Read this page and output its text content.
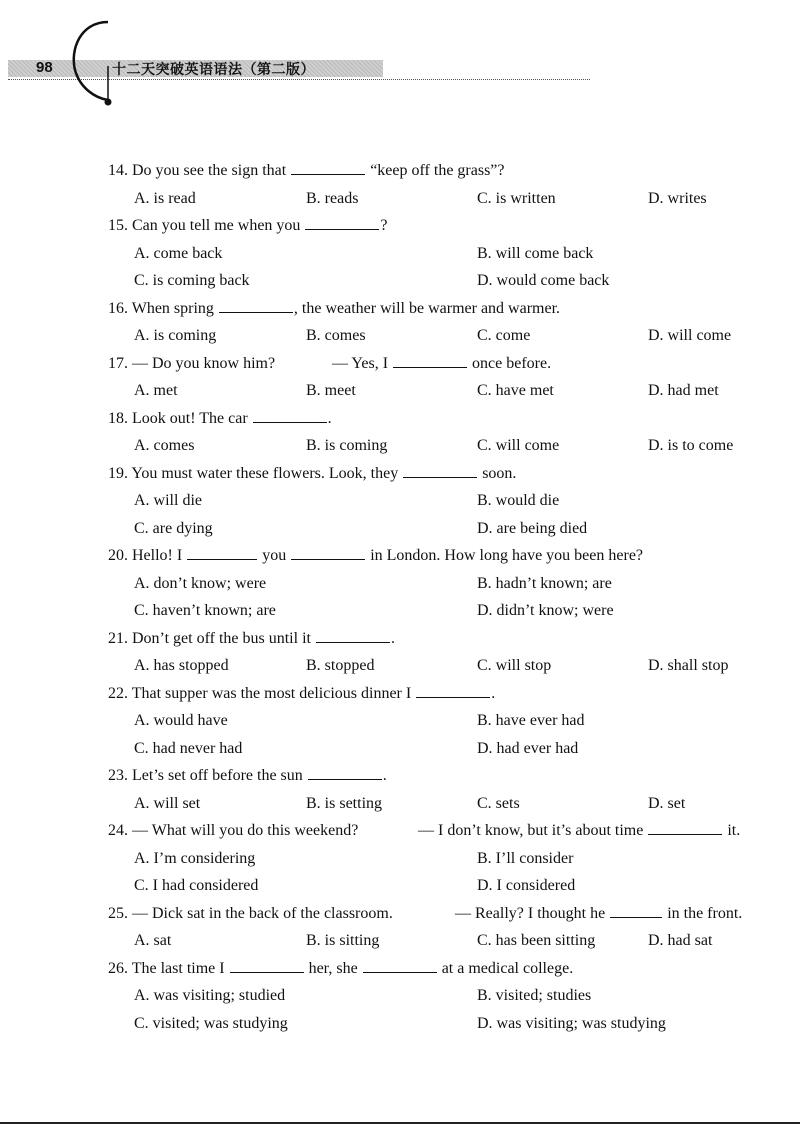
98	十二天突破英语语法（第二版）
14. Do you see the sign that	“keep off the grass”?
A. is read	B. reads	C. is written	D. writes
15. Can you tell me when you	?
A. come back	B. will come back
C. is coming back	D. would come back
16. When spring	, the weather will be warmer and warmer.
A. is coming	B. comes	C. come	D. will come
17. — Do you know him?	— Yes, I	once before.
A. met	B. meet	C. have met	D. had met
18. Look out! The car	.
A. comes	B. is coming	C. will come	D. is to come
19. You must water these flowers. Look, they	soon.
A. will die	B. would die
C. are dying	D. are being died
20. Hello! I	you	in London. How long have you been here?
A. don’t know; were	B. hadn’t known; are
C. haven’t known; are	D. didn’t know; were
21. Don’t get off the bus until it	.
A. has stopped	B. stopped	C. will stop	D. shall stop
22. That supper was the most delicious dinner I	.
A. would have	B. have ever had
C. had never had	D. had ever had
23. Let’s set off before the sun	.
A. will set	B. is setting	C. sets	D. set
24. — What will you do this weekend?	— I don’t know, but it’s about time	it.
A. I’m considering	B. I’ll consider
C. I had considered	D. I considered
25. — Dick sat in the back of the classroom.	— Really? I thought he	in the front.
A. sat	B. is sitting	C. has been sitting	D. had sat
26. The last time I	her, she	at a medical college.
A. was visiting; studied	B. visited; studies
C. visited; was studying	D. was visiting; was studying
